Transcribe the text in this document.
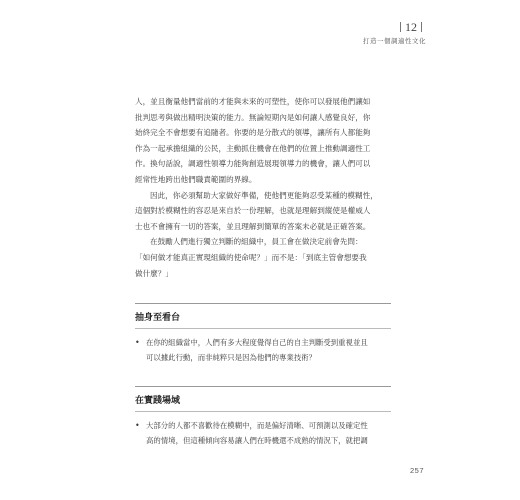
12
打造一個調適性文化

人，並且衡量他們當前的才能與未來的可塑性，使你可以發展他們讓如
批判思考與做出精明決策的能力。無論短期內是如何讓人感覺良好，你
始終完全不會想要有追隨者。你要的是分散式的領導，讓所有人都能夠
作為一起承擔組織的公民，主動抓住機會在他們的位置上推動調適性工
作。換句話說，調適性領導力能夠創造展現領導力的機會，讓人們可以
經常性地跨出他們職責範圍的界線。

因此，你必須幫助大家做好準備，使他們更能夠忍受某種的模糊性，
這個對於模糊性的容忍是來自於一份理解，也就是理解到縱使是權威人
士也不會擁有一切的答案，並且理解到簡單的答案未必就是正確答案。

在鼓勵人們進行獨立判斷的組織中，員工會在做決定前會先問：
「如何做才能真正實現組織的使命呢？」而不是：「到底主管會想要我
做什麼？」

抽身至看台
• 在你的組織當中，人們有多大程度覺得自己的自主判斷受到重視並且
可以據此行動，而非純粹只是因為他們的專業技術？
在實踐場域
• 大部分的人都不喜歡待在模糊中，而是偏好清晰、可預測以及確定性
高的情境，但這種傾向容易讓人們在時機還不成熟的情況下，就把調
257
